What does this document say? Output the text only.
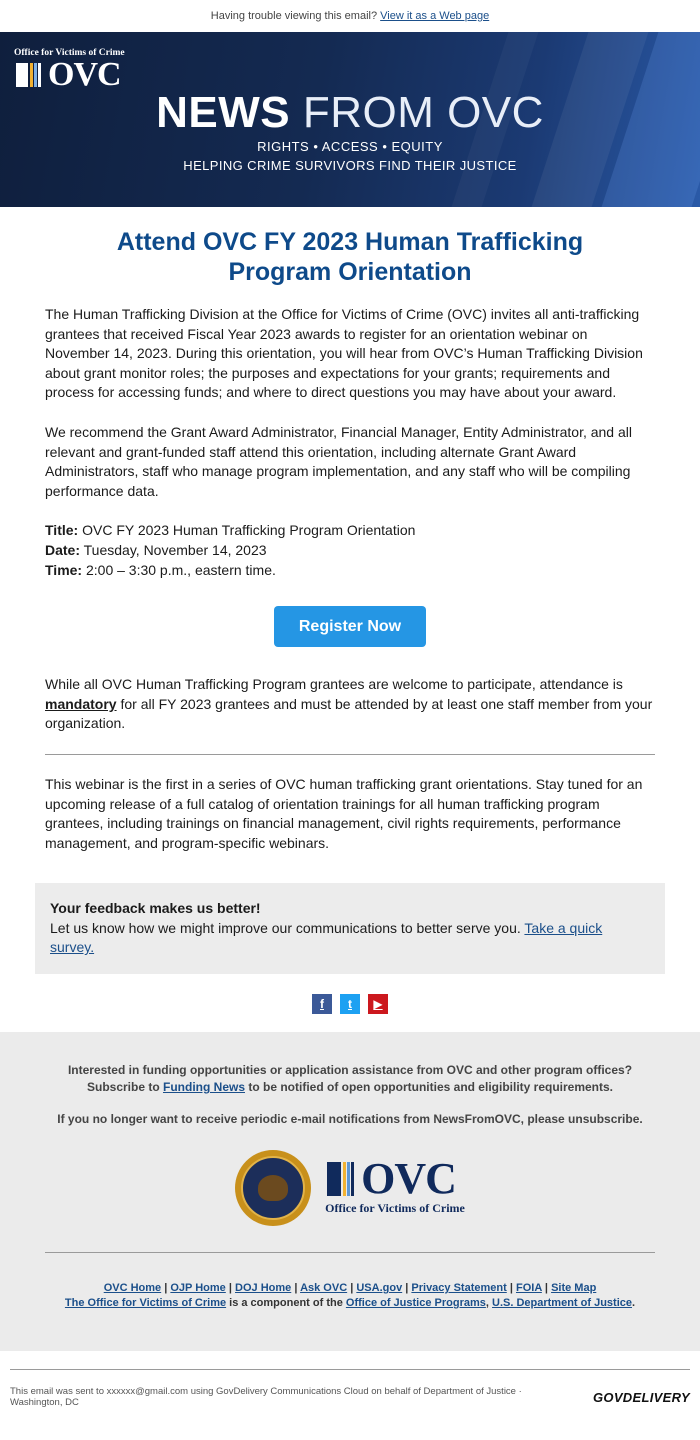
Having trouble viewing this email? View it as a Web page
Office for Victims of Crime
OVC
NEWS FROM OVC
RIGHTS • ACCESS • EQUITY
HELPING CRIME SURVIVORS FIND THEIR JUSTICE
Attend OVC FY 2023 Human Trafficking Program Orientation

The Human Trafficking Division at the Office for Victims of Crime (OVC) invites all anti-trafficking grantees that received Fiscal Year 2023 awards to register for an orientation webinar on November 14, 2023. During this orientation, you will hear from OVC’s Human Trafficking Division about grant monitor roles; the purposes and expectations for your grants; requirements and process for accessing funds; and where to direct questions you may have about your award.

We recommend the Grant Award Administrator, Financial Manager, Entity Administrator, and all relevant and grant-funded staff attend this orientation, including alternate Grant Award Administrators, staff who manage program implementation, and any staff who will be compiling performance data.

Title: OVC FY 2023 Human Trafficking Program Orientation
Date: Tuesday, November 14, 2023
Time: 2:00 – 3:30 p.m., eastern time.
Register Now

While all OVC Human Trafficking Program grantees are welcome to participate, attendance is mandatory for all FY 2023 grantees and must be attended by at least one staff member from your organization.

This webinar is the first in a series of OVC human trafficking grant orientations. Stay tuned for an upcoming release of a full catalog of orientation trainings for all human trafficking program grantees, including trainings on financial management, civil rights requirements, performance management, and program-specific webinars.

Your feedback makes us better!
Let us know how we might improve our communications to better serve you. Take a quick survey.
f t ▶

Interested in funding opportunities or application assistance from OVC and other program offices?
Subscribe to Funding News to be notified of open opportunities and eligibility requirements.

If you no longer want to receive periodic e-mail notifications from NewsFromOVC, please unsubscribe.

OVC
Office for Victims of Crime
OVC Home | OJP Home | DOJ Home | Ask OVC | USA.gov | Privacy Statement | FOIA | Site Map
The Office for Victims of Crime is a component of the Office of Justice Programs, U.S. Department of Justice.
This email was sent to xxxxxx@gmail.com using GovDelivery Communications Cloud on behalf of Department of Justice · Washington, DC	GOVDELIVERY
